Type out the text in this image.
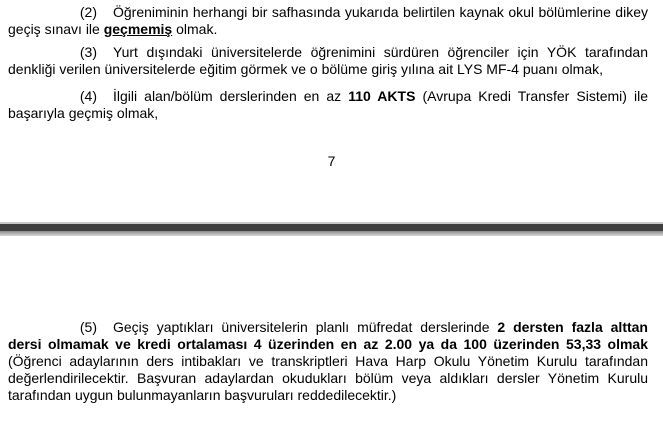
(2) Öğreniminin herhangi bir safhasında yukarıda belirtilen kaynak okul bölümlerine dikey geçiş sınavı ile geçmemiş olmak.

(3) Yurt dışındaki üniversitelerde öğrenimini sürdüren öğrenciler için YÖK tarafından denkliği verilen üniversitelerde eğitim görmek ve o bölüme giriş yılına ait LYS MF-4 puanı olmak,

(4) İlgili alan/bölüm derslerinden en az 110 AKTS (Avrupa Kredi Transfer Sistemi) ile başarıyla geçmiş olmak,

7

(5) Geçiş yaptıkları üniversitelerin planlı müfredat derslerinde 2 dersten fazla alttan dersi olmamak ve kredi ortalaması 4 üzerinden en az 2.00 ya da 100 üzerinden 53,33 olmak (Öğrenci adaylarının ders intibakları ve transkriptleri Hava Harp Okulu Yönetim Kurulu tarafından değerlendirilecektir. Başvuran adaylardan okudukları bölüm veya aldıkları dersler Yönetim Kurulu tarafından uygun bulunmayanların başvuruları reddedilecektir.)
